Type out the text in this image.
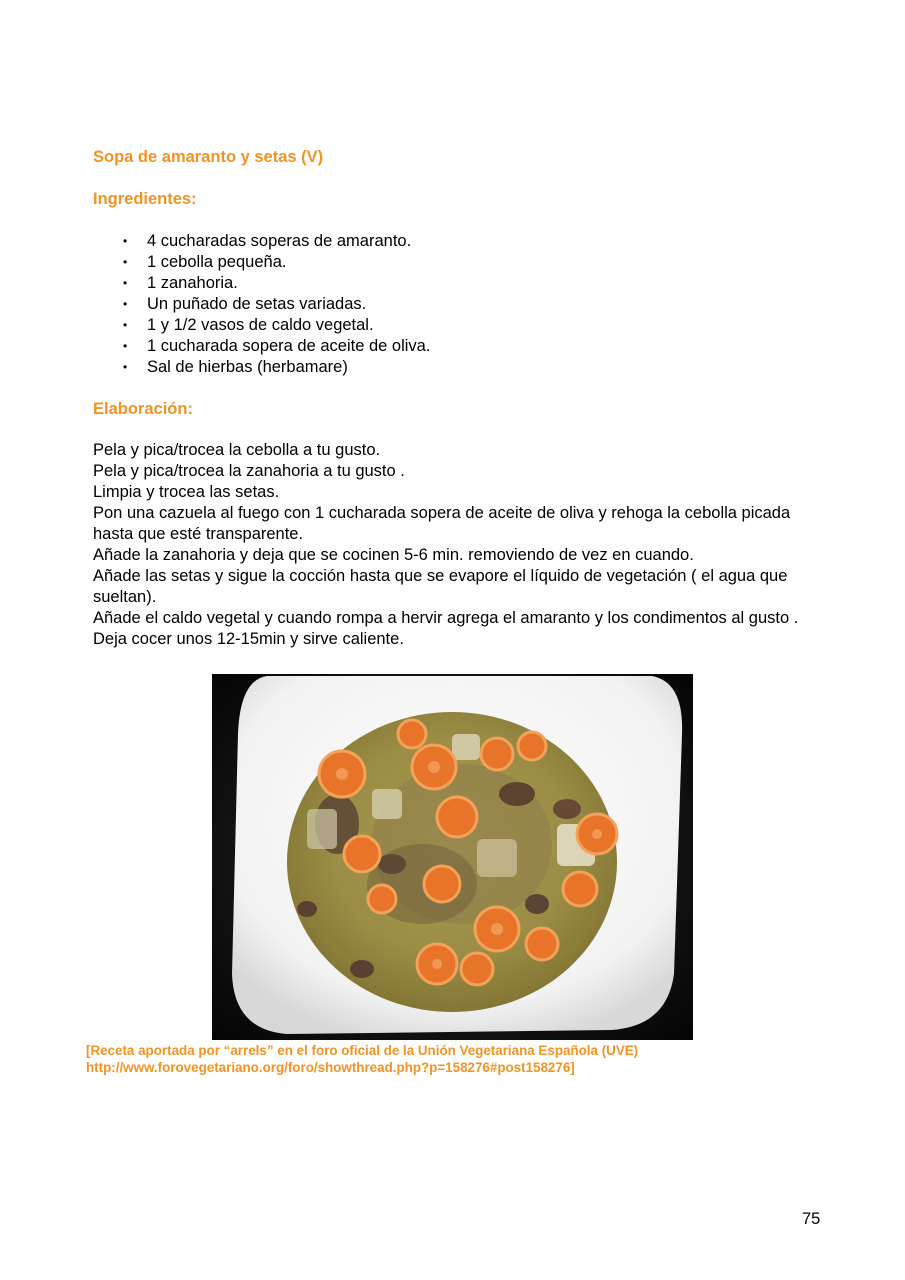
Sopa de amaranto y setas (V)
Ingredientes:
• 4 cucharadas soperas de amaranto.
• 1 cebolla pequeña.
• 1 zanahoria.
• Un puñado de setas variadas.
• 1 y 1/2 vasos de caldo vegetal.
• 1 cucharada sopera de aceite de oliva.
• Sal de hierbas (herbamare)
Elaboración:

Pela y pica/trocea la cebolla a tu gusto.

Pela y pica/trocea la zanahoria a tu gusto .

Limpia y trocea las setas.

Pon una cazuela al fuego con 1 cucharada sopera de aceite de oliva y rehoga la cebolla picada hasta que esté transparente.

Añade la zanahoria y deja que se cocinen 5-6 min. removiendo de vez en cuando.

Añade las setas y sigue la cocción hasta que se evapore el líquido de vegetación ( el agua que sueltan).

Añade el caldo vegetal y cuando rompa a hervir agrega el amaranto y los condimentos al gusto . Deja cocer unos 12-15min y sirve caliente.

[Receta aportada por “arrels” en el foro oficial de la Unión Vegetariana Española (UVE)
http://www.forovegetariano.org/foro/showthread.php?p=158276#post158276]
75
